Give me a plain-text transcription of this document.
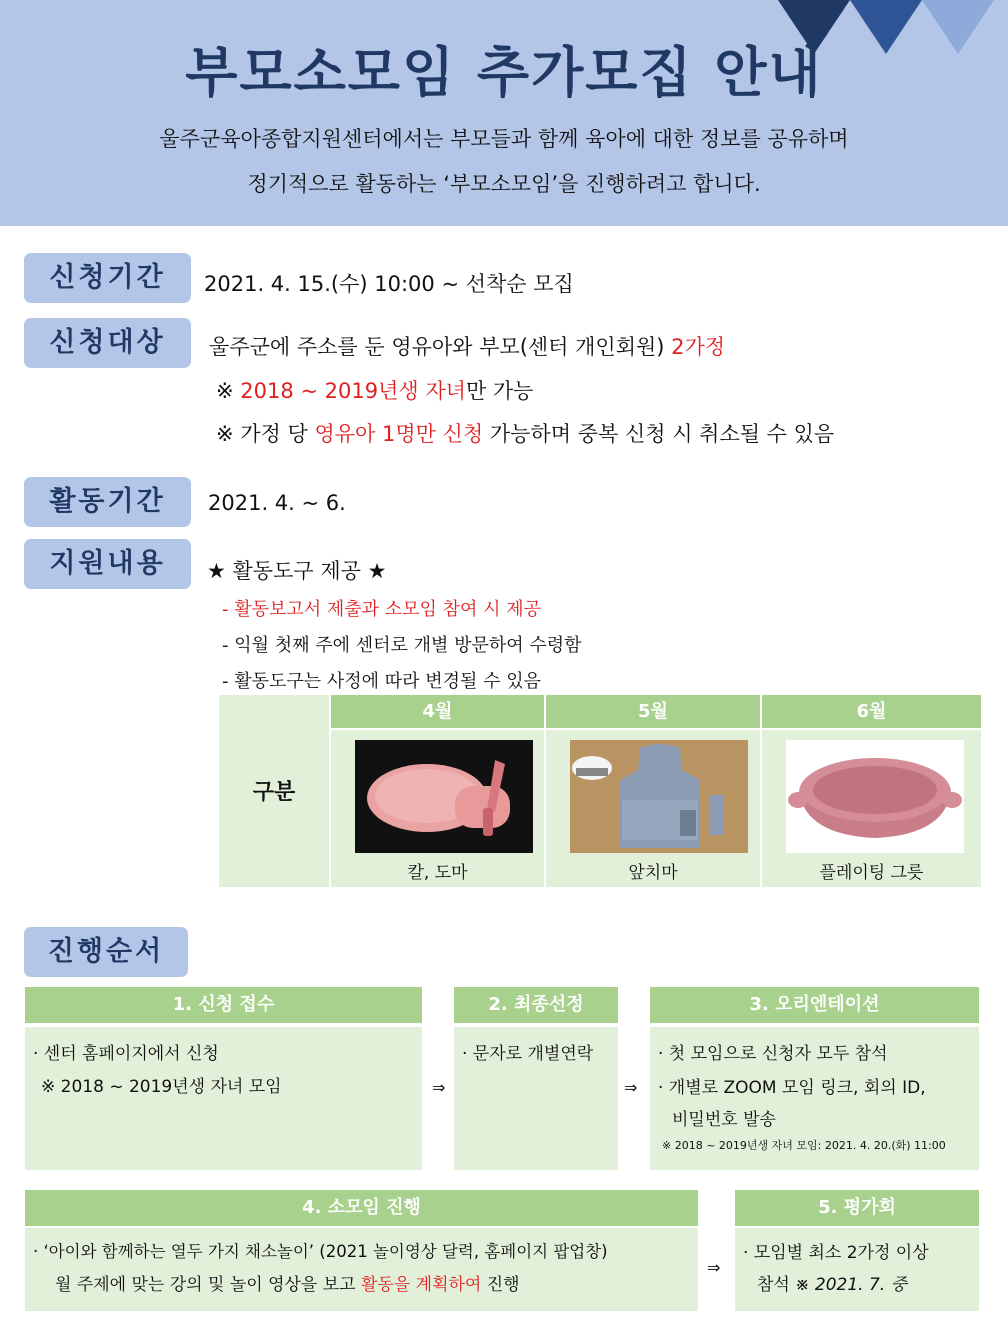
부모소모임 추가모집 안내
울주군육아종합지원센터에서는 부모들과 함께 육아에 대한 정보를 공유하며
정기적으로 활동하는 ‘부모소모임’을 진행하려고 합니다.
신청기간	2021. 4. 15.(수) 10:00 ~ 선착순 모집
신청대상	울주군에 주소를 둔 영유아와 부모(센터 개인회원) 2가정
※ 2018 ~ 2019년생 자녀만 가능
※ 가정 당 영유아 1명만 신청 가능하며 중복 신청 시 취소될 수 있음
활동기간	2021. 4. ~ 6.
지원내용	★ 활동도구 제공 ★
- 활동보고서 제출과 소모임 참여 시 제공
- 익월 첫째 주에 센터로 개별 방문하여 수령함
- 활동도구는 사정에 따라 변경될 수 있음
구분
4월	5월	6월
칼, 도마	앞치마	플레이팅 그릇
진행순서
1. 신청 접수
· 센터 홈페이지에서 신청
※ 2018 ~ 2019년생 자녀 모임	⇒
2. 최종선정
· 문자로 개별연락
⇒
3. 오리엔테이션
· 첫 모임으로 신청자 모두 참석
· 개별로 ZOOM 모임 링크, 회의 ID,
비밀번호 발송
※ 2018 ~ 2019년생 자녀 모임: 2021. 4. 20.(화) 11:00
4. 소모임 진행
· ‘아이와 함께하는 열두 가지 채소놀이’ (2021 놀이영상 달력, 홈페이지 팝업창)
월 주제에 맞는 강의 및 놀이 영상을 보고 활동을 계획하여 진행
⇒
5. 평가회
· 모임별 최소 2가정 이상
참석 ※ 2021. 7. 중
